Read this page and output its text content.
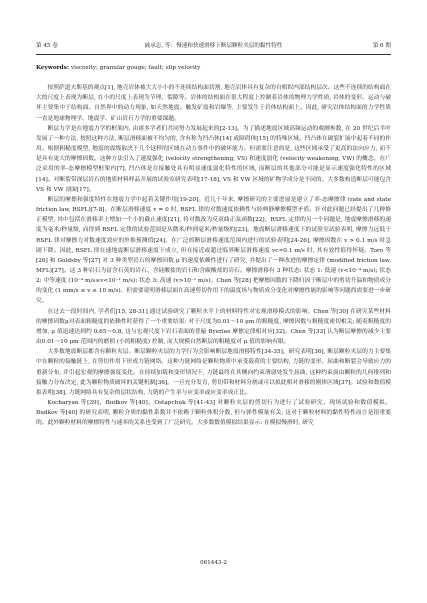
第 45 卷	戚承志, 等：慢速和快速滑移下断层颗粒夹层的黏性特性	第 6 期

Keywords: viscosity; granular gouge; fault; slip velocity

按照萨道夫斯基的观点[1], 地壳岩体被大大小小的不连续结构面切割, 地壳岩体具有复杂的自相似内部结构层次。这些不连续的结构面在大的尺度上表现为断层, 在小的尺度上表现为节理、裂隙等。岩体的结构面在很大程度上控制着岩体的物理力学性质, 岩体的变形、运动与破坏主要集中于结构面。自然界中的动力现象, 如天然地震、触发矿震和岩爆等, 主要发生于岩体结构面上。因此, 研究岩体结构面的力学性质一直是地球物理学、地震学、矿山岩石力学的重要课题。

断层力学是在地震力学的框架内, 由诸多学者们共同努力发展起来的[2-13]。为了描述地震区域高频运动的观测参数, 在 20 世纪后半叶发展了一种方法, 按照这种方法, 断层滑移面被不均匀的, 含有称为凹凸体[14] 或障碍体[15] 的特殊区域。凹凸体在破裂扩展中起着不同的作用。根据粗糙度模型, 地震的震级取决于几个这样的区域在动力事件中的破坏能力。但需要注意的是, 这些区域承受了更高的法向应力, 而不是具有更大的摩擦因数。这种方法引入了速度强化 (velocity strengthening, VS) 和速度弱化 (velocity weakening, VW) 的概念。在广泛采用的率-态摩擦模型框架内[7], 凹凸体是在接触处具有明显速度弱化特性的区域, 而断层的其他部分可能是显示速度强化特性的区域[14]。对断裂带深层岩石的地质材料样品开展的试验室研究表明[17-18], VS 和 VW 区域的矿物学成分是不同的。大多数构造断层可能包含 VS 和 VW 剖面[17]。

断层的摩擦和强度特性在地震力学中起着关键作用[19-20]。近几十年来, 摩擦研究的主要进展是建立了率-态摩擦律 (rate and state friction law, RSFL)[7-8]。在断层滑移速度 v = 0 时, RSFL 律的对数速度依赖性与经典静摩擦模型矛盾。针对此问题已经提出了几种修正模型, 其中包括在滑移率上增加一个小的截止速度[21], 将对数改为反双曲正弦函数[22]。RSFL 定律的另一个问题是, 地震摩擦滑移的速度为毫米/秒量级, 而得到 RSFL 定律的试验范围是从微米/秒到毫米/秒量级的[23]。地震断层滑移速度下的试验室试验表明, 摩擦力远低于 RSFL 律对摩擦力对数速度效应的外推预测值[24]。在广泛的断层滑移速度范围内进行的试验表明[24-26], 摩擦因数在 v > 0.1 m/s 时急剧下降。因此, RSFL 律在速地震断层滑移速度下成立, 但在接近或超过临界断层滑移速度 vc≈0.1 m/s 时, 其有效性值得怀疑。Toro 等[26] 和 Goldsby 等[27] 对 3 种类型岩石的摩擦因数 μ 的速度依赖性进行了研究, 并提出了一种改进的摩擦定律 (modified friction law, MFL)[27]。这 3 种岩石为富含石英的岩石、含硅酸盐的岩石和含碳酸盐的岩石。摩擦滑移有 3 种状态: 状态 1: 低速 (v<10⁻⁴ m/s); 状态 2: 中等速度 (10⁻⁴ m/s≤v<10⁻¹ m/s); 状态 3: 高速 (v>10⁻¹ m/s)。Chen 等[28] 把摩擦因数的下降归因于断层中的剪切升温和物质成分的变化 (1 mm/s ≤ v ≤ 10 m/s)。但需要说明滑移层面在高速剪切作用下的温度场与物质成分变化对摩擦性能的影响等问题尚需要进一步研究。

在过去一段时间内, 学者们[15, 28-31] 通过试验研究了颗粒水平上的材料特性对宏观滑移模式的影响。Chen 等[30] 在研究某些材料的摩擦因数μ对表面粗糙度的依赖性时获得了一个重要结果: 对于尺度为0.01～10 μm 的粗糙度, 摩擦因数与粗糙度密切相关; 随着粗糙度的增加, μ 值迅速达到约 0.65～0.8, 这与宏观尺度下岩石表面的普遍 Byerlee 摩擦定律相对应[32]。Chen 等[33] 认为断层摩擦的减少主要由0.01～10 μm 范围内的磨损 (小的粗糙度) 控制, 而大规模自然断层的粗糙度对 μ 值的影响有限。

大多数地震断层都含有颗粒夹层。断层颗粒夹层的力学行为会影响断层地震滑移特性[34-35]。研究表明[36], 断层颗粒夹层的力主要集中在颗粒的接触链上, 在剪切作用下形成力链网络。这种力链网络是颗粒物质中承受载荷的主要结构, 力链的变形、屈曲和断裂会导致应力的重新分布, 并引起宏观的摩擦强度变化。在持续加载和变形情况下, 力链最终在其侧向约束薄弱处发生屈曲, 这种约束弱由颗粒的几何排列和接触力分布决定, 此为颗粒物质破坏的关键机制[36]。一旦充分发育, 剪切带和材料分割或可以拟此相对滑移的刚体区域[37]。试验和数值模拟表明[38], 力链网络具有复杂的层状结构, 力链的产生率与应变率或应变率成正比。

Kocharyan 等[39]、Budkov 等[40]、Ostapchuk 等[41-43] 对颗粒夹层的剪切行为进行了试验研究、现场试验和数值模拟。Budkov 等[40] 的研究表明, 颗粒介质的黏性系数并不依赖于颗粒体积分数, 但与弹性模量有关, 这对于颗粒材料的黏性特性而言是很重要的。此外颗粒材料的摩擦特性与速率的关系也受到了广泛研究。大多数数值模拟结果显示: 在模拟慢滑时, 研究

061443-2
